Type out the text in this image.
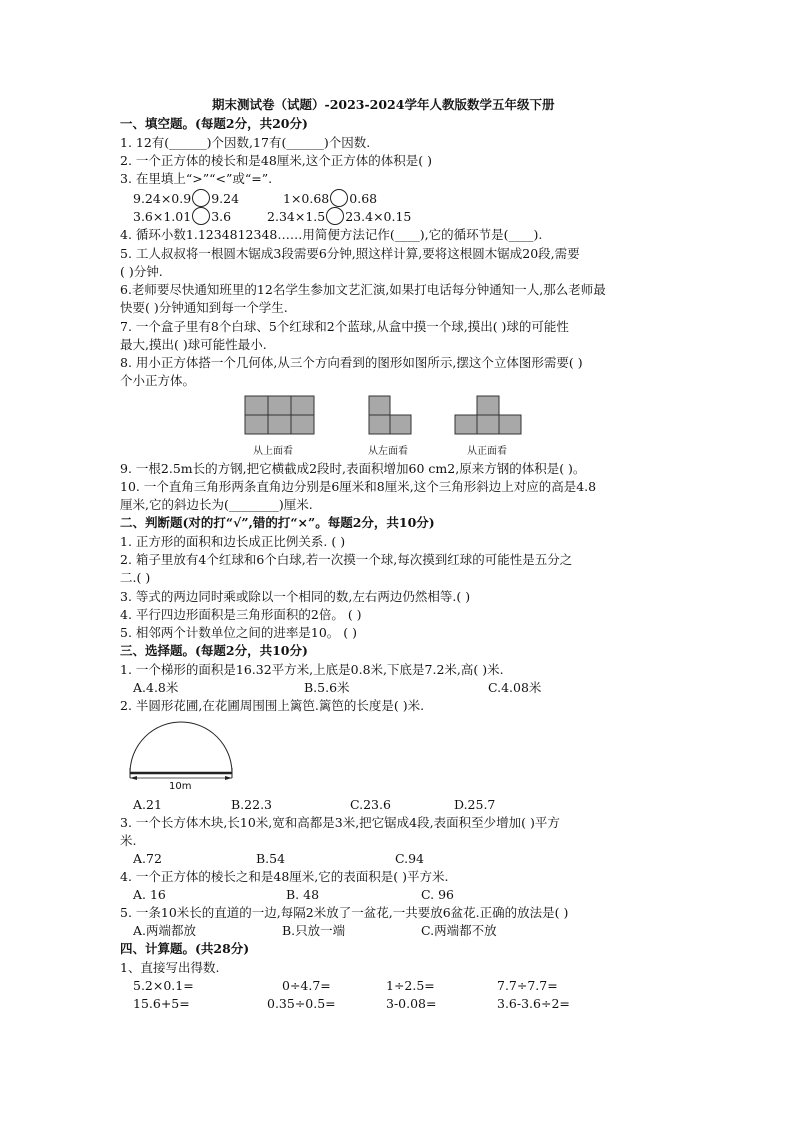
期末测试卷（试题）-2023-2024学年人教版数学五年级下册
一、填空题。(每题2分，共20分)
1. 12有(______)个因数,17有(______)个因数.
2. 一个正方体的棱长和是48厘米,这个正方体的体积是( )
3. 在里填上“>”“<”或“=”.
9.24×0.9 9.24	1×0.68 0.68
3.6×1.01 3.6	2.34×1.5 23.4×0.15
4. 循环小数1.1234812348……用简便方法记作(____),它的循环节是(____).
5. 工人叔叔将一根圆木锯成3段需要6分钟,照这样计算,要将这根圆木锯成20段,需要
( )分钟.
6.老师要尽快通知班里的12名学生参加文艺汇演,如果打电话每分钟通知一人,那么老师最
快要( )分钟通知到每一个学生.
7. 一个盒子里有8个白球、5个红球和2个蓝球,从盒中摸一个球,摸出( )球的可能性
最大,摸出( )球可能性最小.
8. 用小正方体搭一个几何体,从三个方向看到的图形如图所示,摆这个立体图形需要( )
个小正方体。
从上面看	从左面看	从正面看
9. 一根2.5m长的方钢,把它横截成2段时,表面积增加60 cm2,原来方钢的体积是( )。
10. 一个直角三角形两条直角边分别是6厘米和8厘米,这个三角形斜边上对应的高是4.8
厘米,它的斜边长为(________)厘米.
二、判断题(对的打“√”,错的打“×”。每题2分，共10分)
1. 正方形的面积和边长成正比例关系. ( )
2. 箱子里放有4个红球和6个白球,若一次摸一个球,每次摸到红球的可能性是五分之
二.( )
3. 等式的两边同时乘或除以一个相同的数,左右两边仍然相等.( )
4. 平行四边形面积是三角形面积的2倍。 ( )
5. 相邻两个计数单位之间的进率是10。 ( )
三、选择题。(每题2分，共10分)
1. 一个梯形的面积是16.32平方米,上底是0.8米,下底是7.2米,高( )米.
A.4.8米	B.5.6米	C.4.08米
2. 半圆形花圃,在花圃周围围上篱笆.篱笆的长度是( )米.
10m
A.21	B.22.3	C.23.6	D.25.7
3. 一个长方体木块,长10米,宽和高都是3米,把它锯成4段,表面积至少增加( )平方
米.
A.72	B.54	C.94
4. 一个正方体的棱长之和是48厘米,它的表面积是( )平方米.
A. 16	B. 48	C. 96
5. 一条10米长的直道的一边,每隔2米放了一盆花,一共要放6盆花.正确的放法是( )
A.两端都放	B.只放一端	C.两端都不放
四、计算题。(共28分)
1、直接写出得数.
5.2×0.1=	0÷4.7=	1÷2.5=	7.7÷7.7=
15.6+5=	0.35÷0.5=	3-0.08=	3.6-3.6÷2=
